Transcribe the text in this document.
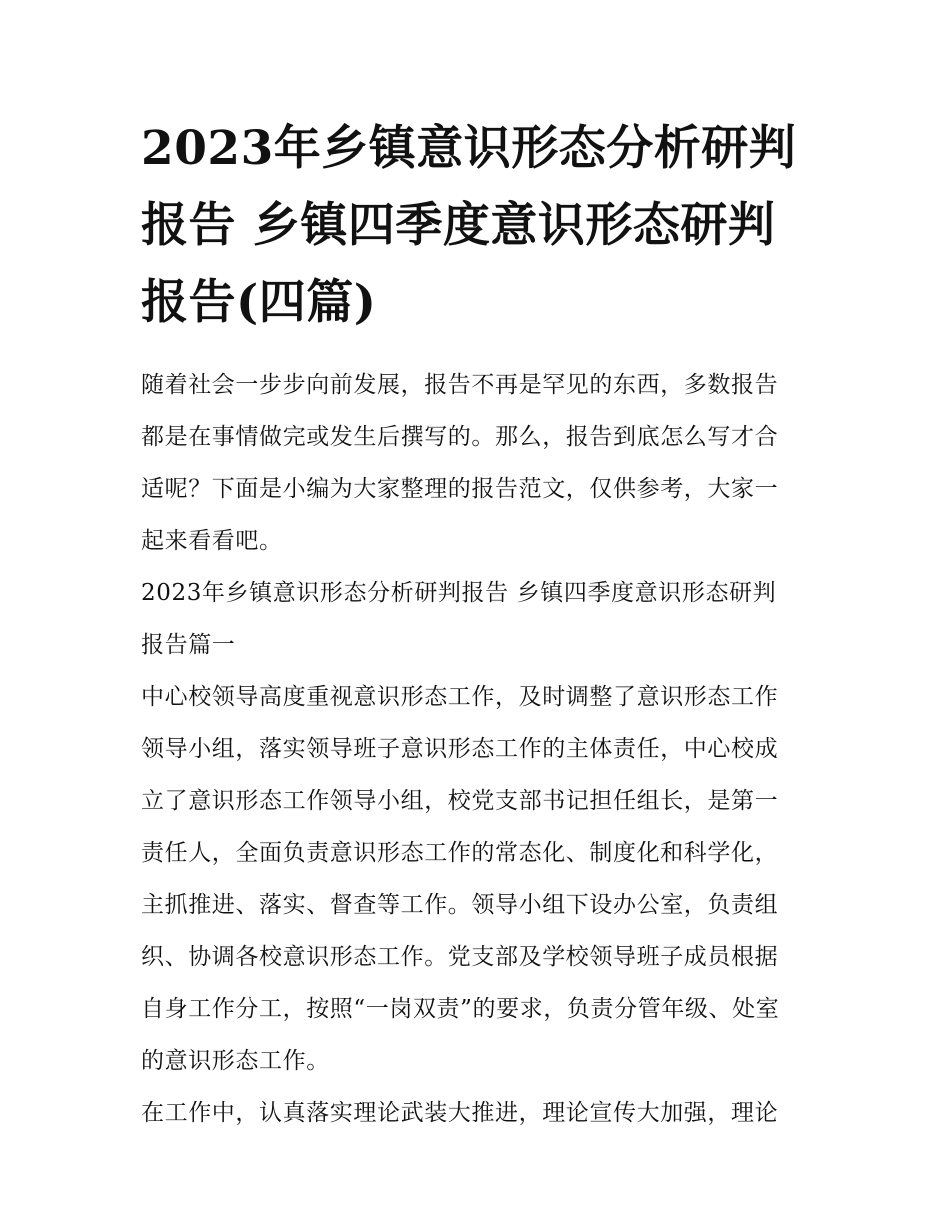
2023年乡镇意识形态分析研判
报告 乡镇四季度意识形态研判
报告(四篇)

随着社会一步步向前发展，报告不再是罕见的东西，多数报告
都是在事情做完或发生后撰写的。那么，报告到底怎么写才合
适呢？下面是小编为大家整理的报告范文，仅供参考，大家一
起来看看吧。

2023年乡镇意识形态分析研判报告 乡镇四季度意识形态研判
报告篇一

中心校领导高度重视意识形态工作，及时调整了意识形态工作
领导小组，落实领导班子意识形态工作的主体责任，中心校成
立了意识形态工作领导小组，校党支部书记担任组长，是第一
责任人，全面负责意识形态工作的常态化、制度化和科学化，
主抓推进、落实、督查等工作。领导小组下设办公室，负责组
织、协调各校意识形态工作。党支部及学校领导班子成员根据
自身工作分工，按照“一岗双责”的要求，负责分管年级、处室
的意识形态工作。

在工作中，认真落实理论武装大推进，理论宣传大加强，理论
